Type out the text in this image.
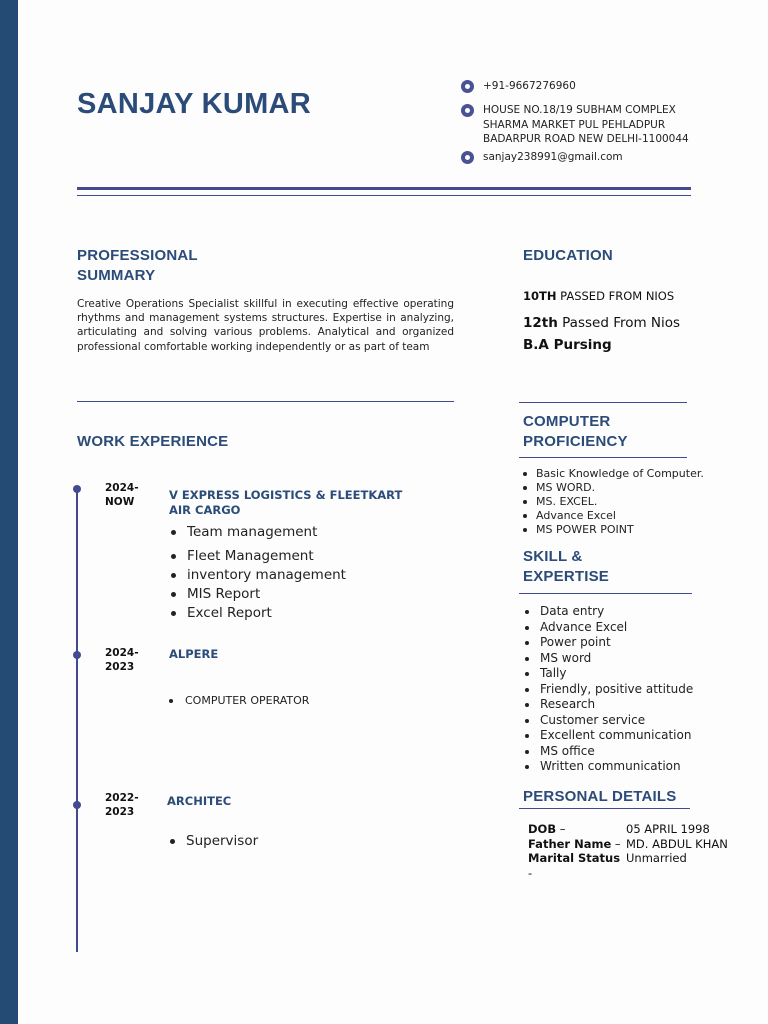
SANJAY KUMAR
+91-9667276960
HOUSE NO.18/19 SUBHAM COMPLEX
SHARMA MARKET PUL PEHLADPUR
BADARPUR ROAD NEW DELHI-1100044
sanjay238991@gmail.com
PROFESSIONAL
SUMMARY
Creative Operations Specialist skillful in executing effective operating rhythms and management systems structures. Expertise in analyzing, articulating and solving various problems. Analytical and organized professional comfortable working independently or as part of team
EDUCATION
10TH PASSED FROM NIOS
12th Passed From Nios
B.A Pursing
WORK EXPERIENCE
2024-
NOW	V EXPRESS LOGISTICS & FLEETKART
AIR CARGO
Team management
Fleet Management
inventory management
MIS Report
Excel Report
2024-
2023
ALPERE
COMPUTER OPERATOR
2022-
2023
ARCHITEC
Supervisor
COMPUTER
PROFICIENCY
Basic Knowledge of Computer.
MS WORD.
MS. EXCEL.
Advance Excel
MS POWER POINT
SKILL &
EXPERTISE
Data entry
Advance Excel
Power point
MS word
Tally
Friendly, positive attitude
Research
Customer service
Excellent communication
MS office
Written communication
PERSONAL DETAILS
DOB –	05 APRIL 1998
Father Name – MD. ABDUL KHAN
Marital Status -
Unmarried
